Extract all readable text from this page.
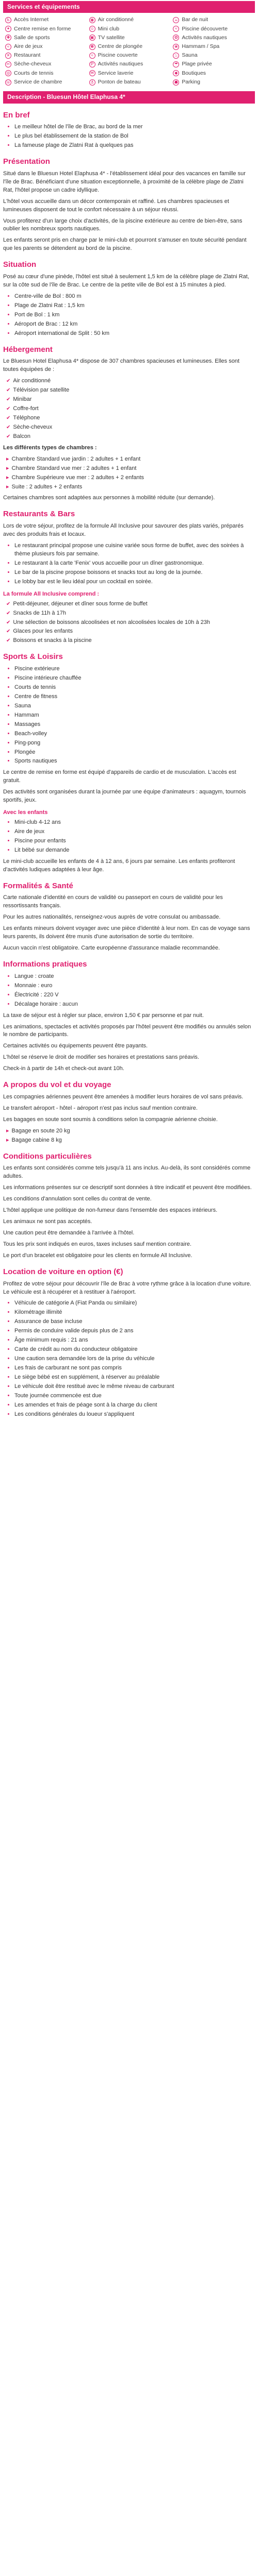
Services et équipements
♿ Accès Internet	◉ Air conditionné	☕ Bar de nuit
✦ Centre remise en forme	☺ Mini club	≈ Piscine découverte
✚ Salle de sports	▣ TV satellite	✿ Activités nautiques
≈ Aire de jeux	✽ Centre de plongée	❀ Hammam / Spa
✕ Restaurant	≈ Piscine couverte	♨ Sauna
✂ Sèche-cheveux	P Activités nautiques	☂ Plage privée
◎ Courts de tennis	✉ Service laverie	◆ Boutiques
☏ Service de chambre	⚓ Ponton de bateau	☗ Parking
Description - Bluesun Hôtel Elaphusa 4*
En bref
• Le meilleur hôtel de l'île de Brac, au bord de la mer
• Le plus bel établissement de la station de Bol
• La fameuse plage de Zlatni Rat à quelques pas
Présentation

Situé dans le Bluesun Hotel Elaphusa 4* - l'établissement idéal pour des vacances en famille sur l'île de Brac. Bénéficiant d'une situation exceptionnelle, à proximité de la célèbre plage de Zlatni Rat, l'hôtel propose un cadre idyllique.

L'hôtel vous accueille dans un décor contemporain et raffiné. Les chambres spacieuses et lumineuses disposent de tout le confort nécessaire à un séjour réussi.

Vous profiterez d'un large choix d'activités, de la piscine extérieure au centre de bien-être, sans oublier les nombreux sports nautiques.

Les enfants seront pris en charge par le mini-club et pourront s'amuser en toute sécurité pendant que les parents se détendent au bord de la piscine.

Situation

Posé au cœur d'une pinède, l'hôtel est situé à seulement 1,5 km de la célèbre plage de Zlatni Rat, sur la côte sud de l'île de Brac. Le centre de la petite ville de Bol est à 15 minutes à pied.

• Centre-ville de Bol : 800 m
• Plage de Zlatni Rat : 1,5 km
• Port de Bol : 1 km
• Aéroport de Brac : 12 km
• Aéroport international de Split : 50 km
Hébergement

Le Bluesun Hotel Elaphusa 4* dispose de 307 chambres spacieuses et lumineuses. Elles sont toutes équipées de :

✔ Air conditionné
✔ Télévision par satellite
✔ Minibar
✔ Coffre-fort
✔ Téléphone
✔ Sèche-cheveux
✔ Balcon

Les différents types de chambres :

▸ Chambre Standard vue jardin : 2 adultes + 1 enfant
▸ Chambre Standard vue mer : 2 adultes + 1 enfant
▸ Chambre Supérieure vue mer : 2 adultes + 2 enfants
▸ Suite : 2 adultes + 2 enfants

Certaines chambres sont adaptées aux personnes à mobilité réduite (sur demande).

Restaurants & Bars

Lors de votre séjour, profitez de la formule All Inclusive pour savourer des plats variés, préparés avec des produits frais et locaux.

• Le restaurant principal propose une cuisine variée sous forme de buffet, avec des soirées à thème plusieurs fois par semaine.
• Le restaurant à la carte 'Fenix' vous accueille pour un dîner gastronomique.
• Le bar de la piscine propose boissons et snacks tout au long de la journée.
• Le lobby bar est le lieu idéal pour un cocktail en soirée.
La formule All Inclusive comprend :
✔ Petit-déjeuner, déjeuner et dîner sous forme de buffet
✔ Snacks de 11h à 17h
✔ Une sélection de boissons alcoolisées et non alcoolisées locales de 10h à 23h
✔ Glaces pour les enfants
✔ Boissons et snacks à la piscine
Sports & Loisirs
• Piscine extérieure
• Piscine intérieure chauffée
• Courts de tennis
• Centre de fitness
• Sauna
• Hammam
• Massages
• Beach-volley
• Ping-pong
• Plongée
• Sports nautiques

Le centre de remise en forme est équipé d'appareils de cardio et de musculation. L'accès est gratuit.

Des activités sont organisées durant la journée par une équipe d'animateurs : aquagym, tournois sportifs, jeux.

Avec les enfants
• Mini-club 4-12 ans
• Aire de jeux
• Piscine pour enfants
• Lit bébé sur demande

Le mini-club accueille les enfants de 4 à 12 ans, 6 jours par semaine. Les enfants profiteront d'activités ludiques adaptées à leur âge.

Formalités & Santé

Carte nationale d'identité en cours de validité ou passeport en cours de validité pour les ressortissants français.

Pour les autres nationalités, renseignez-vous auprès de votre consulat ou ambassade.

Les enfants mineurs doivent voyager avec une pièce d'identité à leur nom. En cas de voyage sans leurs parents, ils doivent être munis d'une autorisation de sortie du territoire.

Aucun vaccin n'est obligatoire. Carte européenne d'assurance maladie recommandée.

Informations pratiques
• Langue : croate
• Monnaie : euro
• Électricité : 220 V
• Décalage horaire : aucun

La taxe de séjour est à régler sur place, environ 1,50 € par personne et par nuit.

Les animations, spectacles et activités proposés par l'hôtel peuvent être modifiés ou annulés selon le nombre de participants.

Certaines activités ou équipements peuvent être payants.

L'hôtel se réserve le droit de modifier ses horaires et prestations sans préavis.

Check-in à partir de 14h et check-out avant 10h.

A propos du vol et du voyage

Les compagnies aériennes peuvent être amenées à modifier leurs horaires de vol sans préavis.

Le transfert aéroport - hôtel - aéroport n'est pas inclus sauf mention contraire.

Les bagages en soute sont soumis à conditions selon la compagnie aérienne choisie.

▸ Bagage en soute 20 kg
▸ Bagage cabine 8 kg
Conditions particulières

Les enfants sont considérés comme tels jusqu'à 11 ans inclus. Au-delà, ils sont considérés comme adultes.

Les informations présentes sur ce descriptif sont données à titre indicatif et peuvent être modifiées.

Les conditions d'annulation sont celles du contrat de vente.

L'hôtel applique une politique de non-fumeur dans l'ensemble des espaces intérieurs.

Les animaux ne sont pas acceptés.

Une caution peut être demandée à l'arrivée à l'hôtel.

Tous les prix sont indiqués en euros, taxes incluses sauf mention contraire.

Le port d'un bracelet est obligatoire pour les clients en formule All Inclusive.

Location de voiture en option (€)

Profitez de votre séjour pour découvrir l'île de Brac à votre rythme grâce à la location d'une voiture. Le véhicule est à récupérer et à restituer à l'aéroport.

• Véhicule de catégorie A (Fiat Panda ou similaire)
• Kilométrage illimité
• Assurance de base incluse
• Permis de conduire valide depuis plus de 2 ans
• Âge minimum requis : 21 ans
• Carte de crédit au nom du conducteur obligatoire
• Une caution sera demandée lors de la prise du véhicule
• Les frais de carburant ne sont pas compris
• Le siège bébé est en supplément, à réserver au préalable
• Le véhicule doit être restitué avec le même niveau de carburant
• Toute journée commencée est due
• Les amendes et frais de péage sont à la charge du client
• Les conditions générales du loueur s'appliquent
